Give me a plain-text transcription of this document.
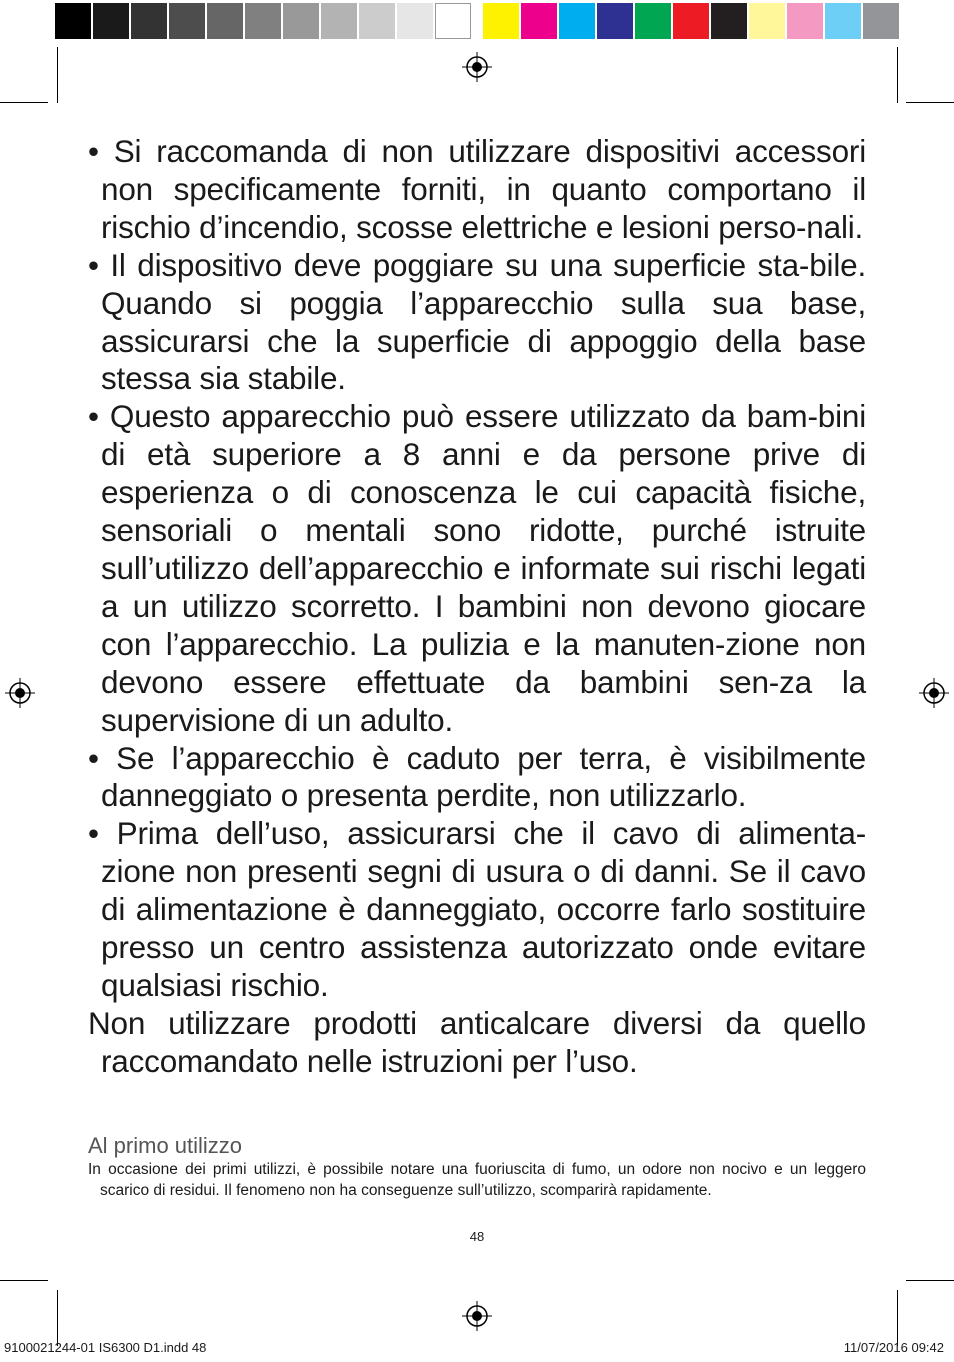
• Si raccomanda di non utilizzare dispositivi accessori non specificamente forniti, in quanto comportano il rischio d’incendio, scosse elettriche e lesioni perso-nali.
• Il dispositivo deve poggiare su una superficie sta-bile. Quando si poggia l’apparecchio sulla sua base, assicurarsi che la superficie di appoggio della base stessa sia stabile.
• Questo apparecchio può essere utilizzato da bam-bini di età superiore a 8 anni e da persone prive di esperienza o di conoscenza le cui capacità fisiche, sensoriali o mentali sono ridotte, purché istruite sull’utilizzo dell’apparecchio e informate sui rischi legati a un utilizzo scorretto. I bambini non devono giocare con l’apparecchio. La pulizia e la manuten-zione non devono essere effettuate da bambini sen-za la supervisione di un adulto.
• Se l’apparecchio è caduto per terra, è visibilmente danneggiato o presenta perdite, non utilizzarlo.
• Prima dell’uso, assicurarsi che il cavo di alimenta-zione non presenti segni di usura o di danni. Se il cavo di alimentazione è danneggiato, occorre farlo sostituire presso un centro assistenza autorizzato onde evitare qualsiasi rischio.
Non utilizzare prodotti anticalcare diversi da quello raccomandato nelle istruzioni per l’uso.
Al primo utilizzo

In occasione dei primi utilizzi, è possibile notare una fuoriuscita di fumo, un odore non nocivo e un leggero scarico di residui. Il fenomeno non ha conseguenze sull’utilizzo, scomparirà rapidamente.

48
9100021244-01 IS6300 D1.indd 48	11/07/2016 09:42
